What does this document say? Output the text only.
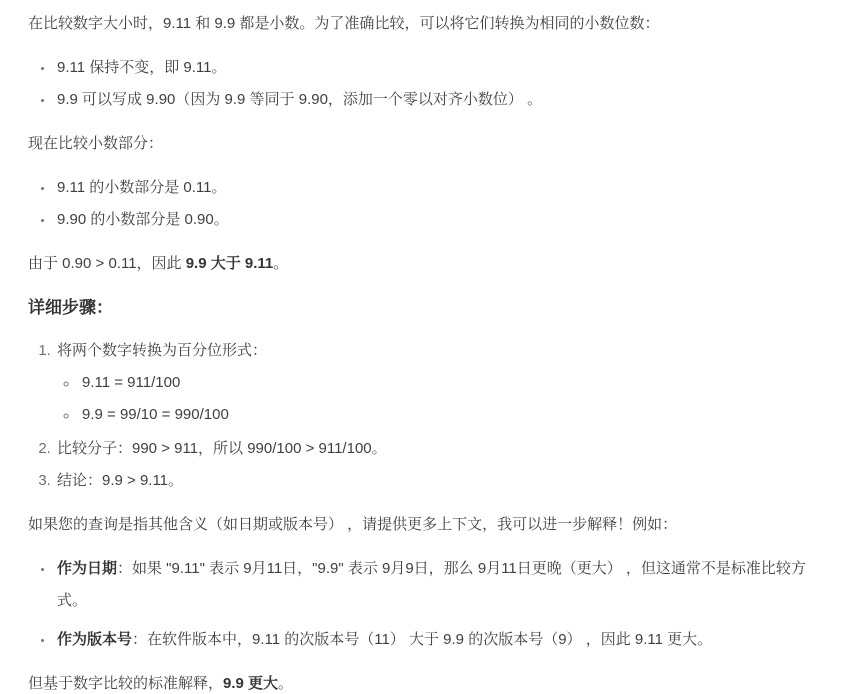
在比较数字大小时，9.11 和 9.9 都是小数。为了准确比较，可以将它们转换为相同的小数位数：

• 9.11 保持不变，即 9.11。
• 9.9 可以写成 9.90（因为 9.9 等同于 9.90，添加一个零以对齐小数位） 。

现在比较小数部分：

• 9.11 的小数部分是 0.11。
• 9.90 的小数部分是 0.90。

由于 0.90 > 0.11，因此 9.9 大于 9.11。

详细步骤：
1. 将两个数字转换为百分位形式：
◦ 9.11 = 911/100
◦ 9.9 = 99/10 = 990/100
2. 比较分子：990 > 911，所以 990/100 > 911/100。
3. 结论：9.9 > 9.11。

如果您的查询是指其他含义（如日期或版本号） ，请提供更多上下文，我可以进一步解释！例如：

• 作为日期：如果 "9.11" 表示 9月11日，"9.9" 表示 9月9日，那么 9月11日更晚（更大） ，但这通常不是标准比较方式。
• 作为版本号：在软件版本中，9.11 的次版本号（11） 大于 9.9 的次版本号（9） ，因此 9.11 更大。

但基于数字比较的标准解释，9.9 更大。
